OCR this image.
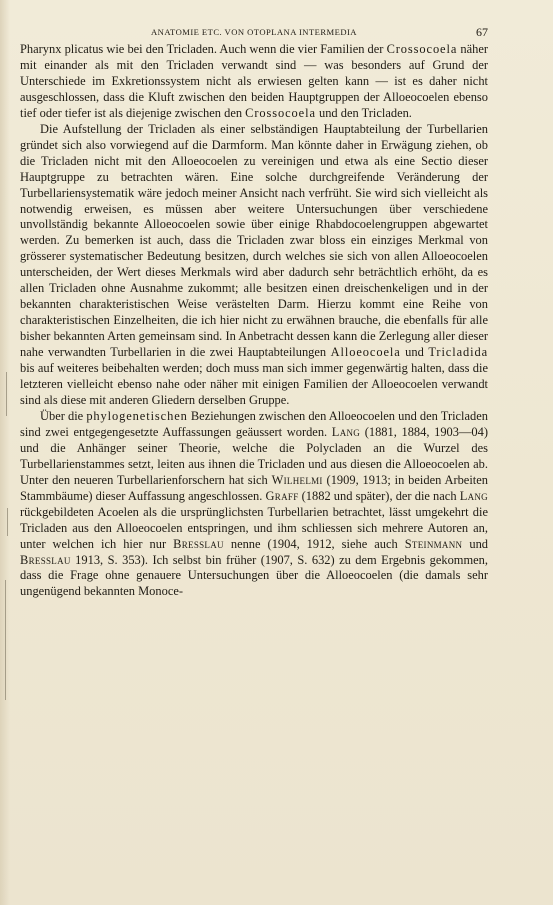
ANATOMIE ETC. VON OTOPLANA INTERMEDIA	67

Pharynx plicatus wie bei den Tricladen. Auch wenn die vier Familien der Crossocoela näher mit einander als mit den Tricladen verwandt sind — was besonders auf Grund der Unterschiede im Exkretionssystem nicht als erwiesen gelten kann — ist es daher nicht ausgeschlossen, dass die Kluft zwischen den beiden Hauptgruppen der Alloeocoelen ebenso tief oder tiefer ist als diejenige zwischen den Crossocoela und den Tricladen.

Die Aufstellung der Tricladen als einer selbständigen Hauptabteilung der Turbellarien gründet sich also vorwiegend auf die Darmform. Man könnte daher in Erwägung ziehen, ob die Tricladen nicht mit den Alloeocoelen zu vereinigen und etwa als eine Sectio dieser Hauptgruppe zu betrachten wären. Eine solche durchgreifende Veränderung der Turbellariensystematik wäre jedoch meiner Ansicht nach verfrüht. Sie wird sich vielleicht als notwendig erweisen, es müssen aber weitere Untersuchungen über verschiedene unvollständig bekannte Alloeocoelen sowie über einige Rhabdocoelengruppen abgewartet werden. Zu bemerken ist auch, dass die Tricladen zwar bloss ein einziges Merkmal von grösserer systematischer Bedeutung besitzen, durch welches sie sich von allen Alloeocoelen unterscheiden, der Wert dieses Merkmals wird aber dadurch sehr beträchtlich erhöht, da es allen Tricladen ohne Ausnahme zukommt; alle besitzen einen dreischenkeligen und in der bekannten charakteristischen Weise verästelten Darm. Hierzu kommt eine Reihe von charakteristischen Einzelheiten, die ich hier nicht zu erwähnen brauche, die ebenfalls für alle bisher bekannten Arten gemeinsam sind. In Anbetracht dessen kann die Zerlegung aller dieser nahe verwandten Turbellarien in die zwei Hauptabteilungen Alloeocoela und Tricladida bis auf weiteres beibehalten werden; doch muss man sich immer gegenwärtig halten, dass die letzteren vielleicht ebenso nahe oder näher mit einigen Familien der Alloeocoelen verwandt sind als diese mit anderen Gliedern derselben Gruppe.

Über die phylogenetischen Beziehungen zwischen den Alloeocoelen und den Tricladen sind zwei entgegengesetzte Auffassungen geäussert worden. Lang (1881, 1884, 1903—04) und die Anhänger seiner Theorie, welche die Polycladen an die Wurzel des Turbellarienstammes setzt, leiten aus ihnen die Tricladen und aus diesen die Alloeocoelen ab. Unter den neueren Turbellarienforschern hat sich Wilhelmi (1909, 1913; in beiden Arbeiten Stammbäume) dieser Auffassung angeschlossen. Graff (1882 und später), der die nach Lang rückgebildeten Acoelen als die ursprünglichsten Turbellarien betrachtet, lässt umgekehrt die Tricladen aus den Alloeocoelen entspringen, und ihm schliessen sich mehrere Autoren an, unter welchen ich hier nur Bresslau nenne (1904, 1912, siehe auch Steinmann und Bresslau 1913, S. 353). Ich selbst bin früher (1907, S. 632) zu dem Ergebnis gekommen, dass die Frage ohne genauere Untersuchungen über die Alloeocoelen (die damals sehr ungenügend bekannten Monoce-
